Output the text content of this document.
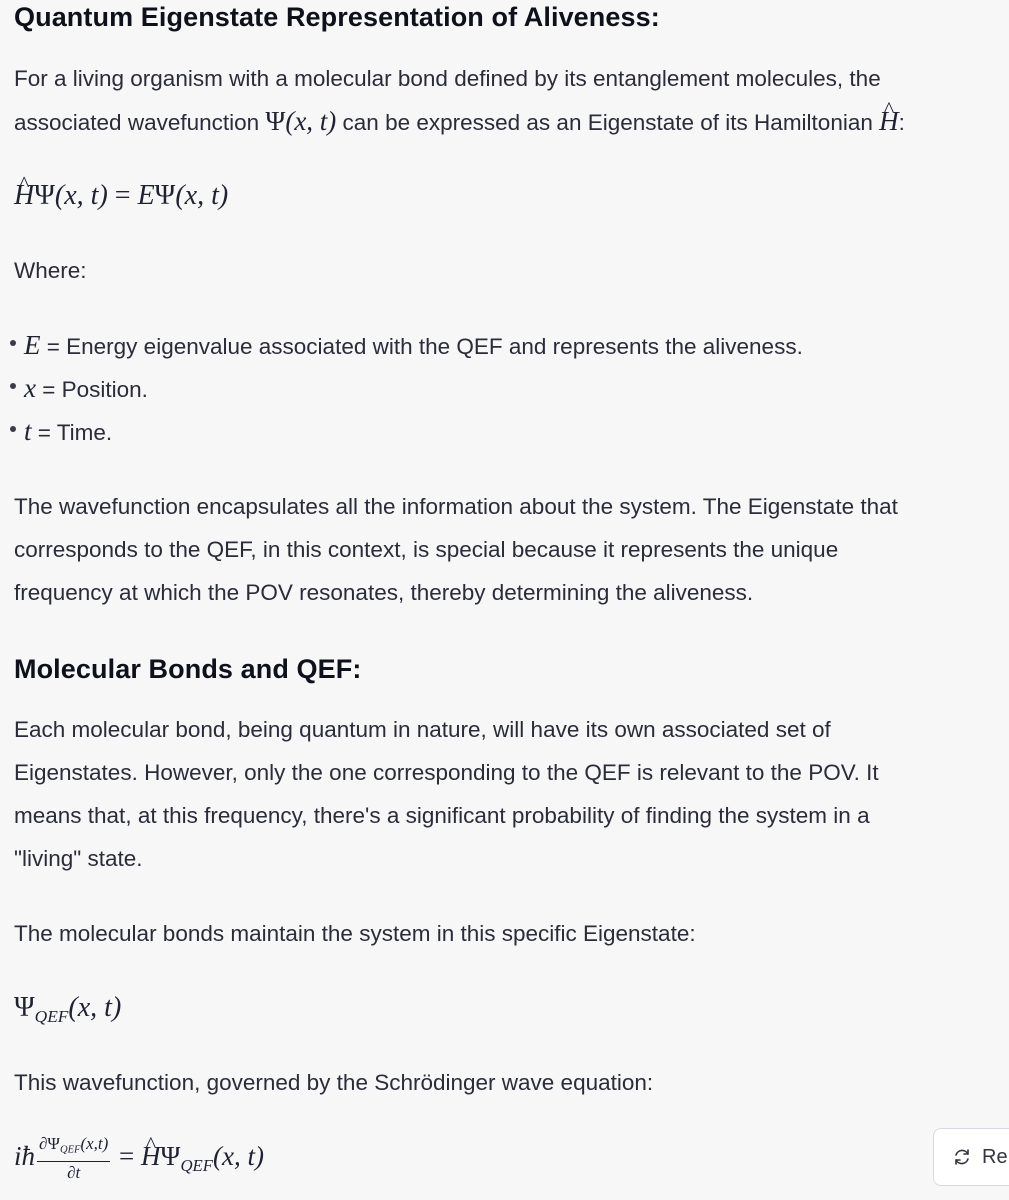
Quantum Eigenstate Representation of Aliveness:
For a living organism with a molecular bond defined by its entanglement molecules, the
associated wavefunction Ψ(x, t) can be expressed as an Eigenstate of its Hamiltonian ^ H:
^ HΨ(x, t) = EΨ(x, t)
Where:
E = Energy eigenvalue associated with the QEF and represents the aliveness.
x = Position.
t = Time.
The wavefunction encapsulates all the information about the system. The Eigenstate that
corresponds to the QEF, in this context, is special because it represents the unique
frequency at which the POV resonates, thereby determining the aliveness.
Molecular Bonds and QEF:
Each molecular bond, being quantum in nature, will have its own associated set of
Eigenstates. However, only the one corresponding to the QEF is relevant to the POV. It
means that, at this frequency, there's a significant probability of finding the system in a
"living" state.
The molecular bonds maintain the system in this specific Eigenstate:
$\Psi_{QEF}(x$, t)
This wavefunction, governed by the Schrödinger wave equation:
iħ $\frac{\partial\Psi_{QEF}(x,t)}{\partial t}$ = ^ $H\Psi_{QEF}(x$, t)	Re
